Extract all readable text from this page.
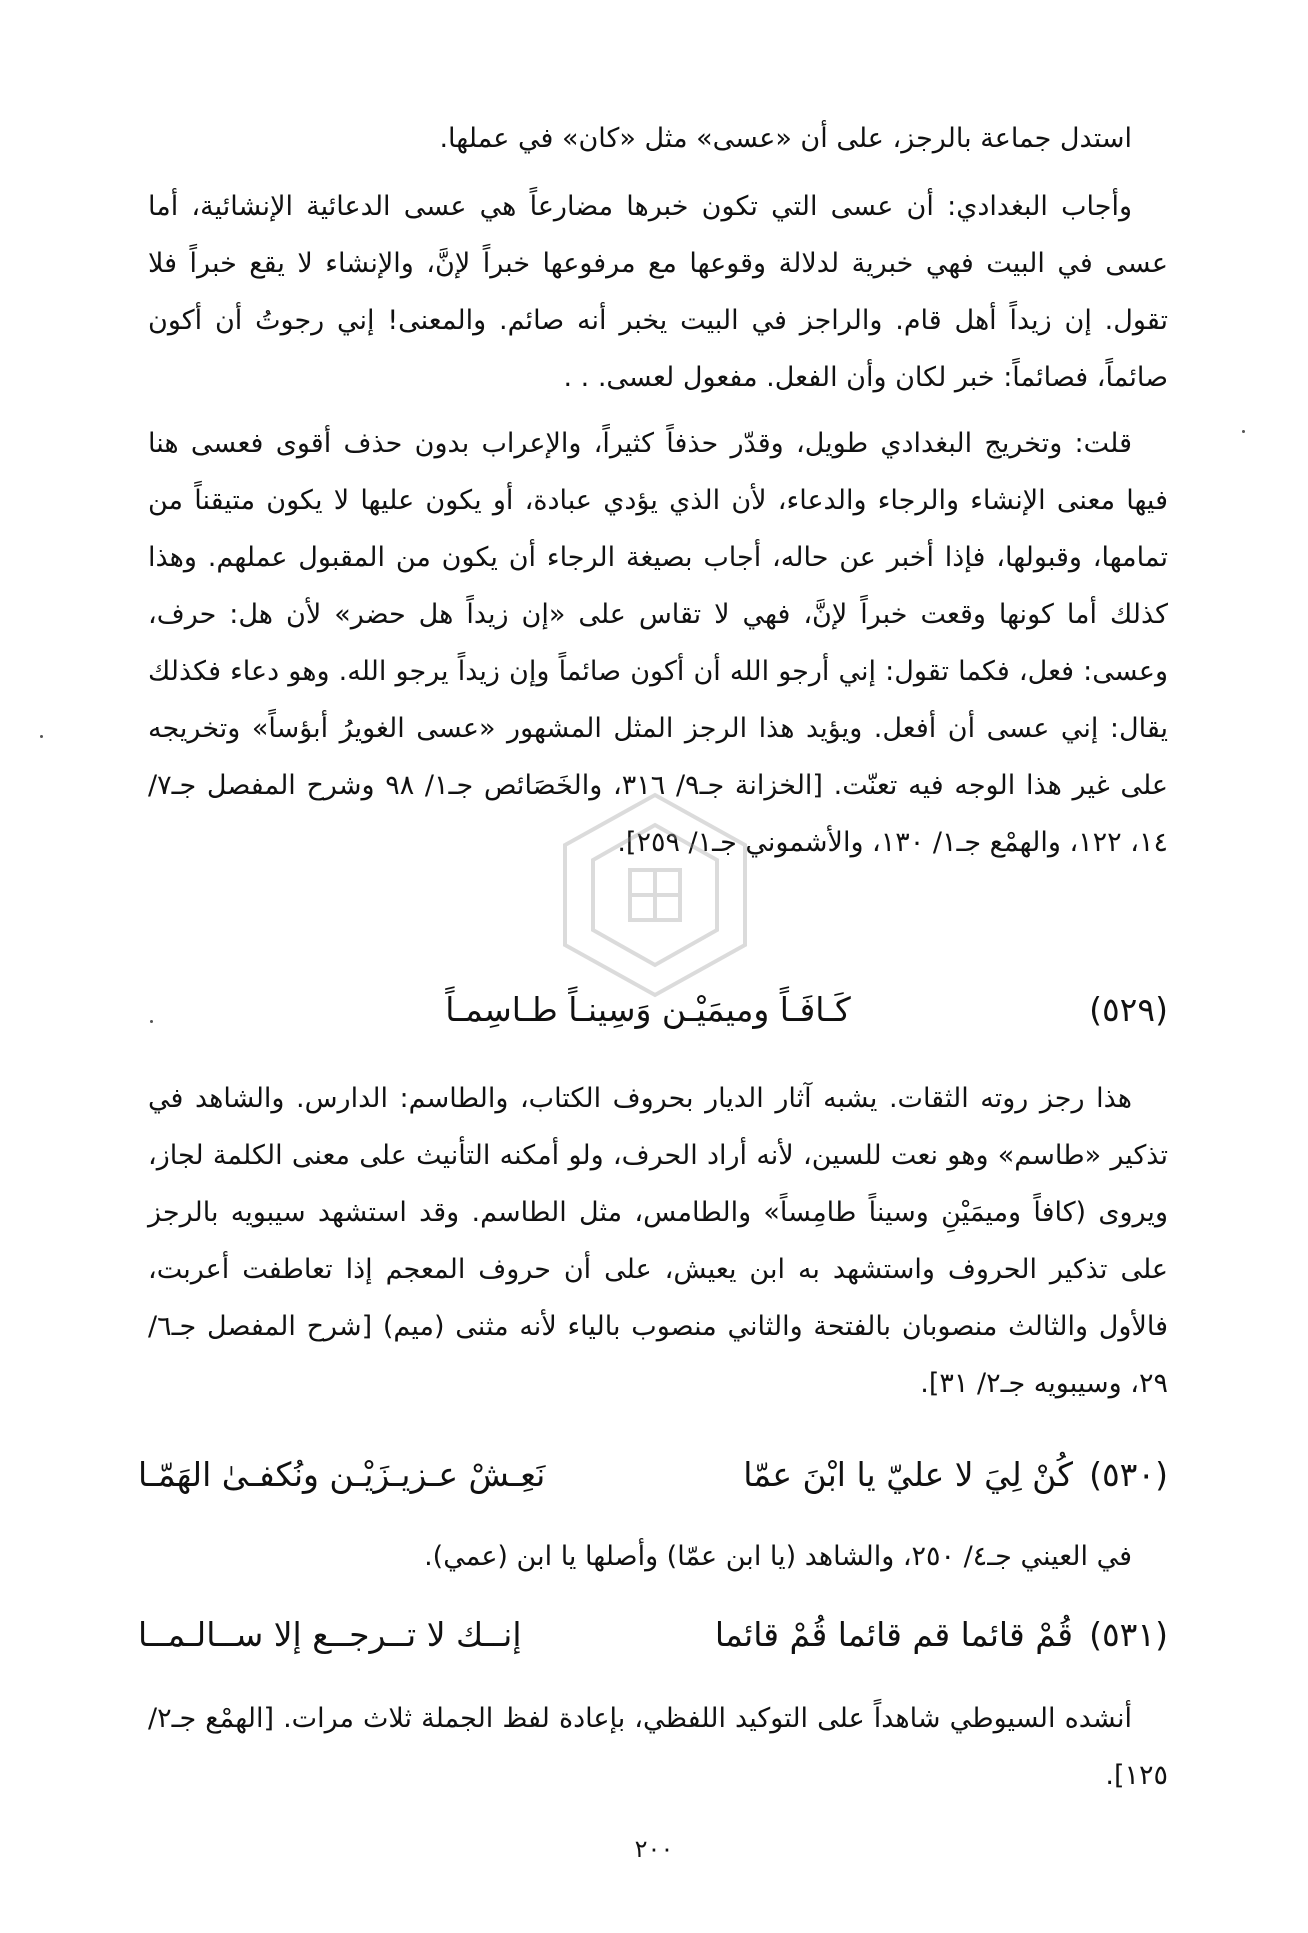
استدل جماعة بالرجز، على أن «عسى» مثل «كان» في عملها.

وأجاب البغدادي: أن عسى التي تكون خبرها مضارعاً هي عسى الدعائية الإنشائية، أما عسى في البيت فهي خبرية لدلالة وقوعها مع مرفوعها خبراً لإنَّ، والإنشاء لا يقع خبراً فلا تقول. إن زيداً أهل قام. والراجز في البيت يخبر أنه صائم. والمعنى! إني رجوتُ أن أكون صائماً، فصائماً: خبر لكان وأن الفعل. مفعول لعسى. . .

قلت: وتخريج البغدادي طويل، وقدّر حذفاً كثيراً، والإعراب بدون حذف أقوى فعسى هنا فيها معنى الإنشاء والرجاء والدعاء، لأن الذي يؤدي عبادة، أو يكون عليها لا يكون متيقناً من تمامها، وقبولها، فإذا أخبر عن حاله، أجاب بصيغة الرجاء أن يكون من المقبول عملهم. وهذا كذلك أما كونها وقعت خبراً لإنَّ، فهي لا تقاس على «إن زيداً هل حضر» لأن هل: حرف، وعسى: فعل، فكما تقول: إني أرجو الله أن أكون صائماً وإن زيداً يرجو الله. وهو دعاء فكذلك يقال: إني عسى أن أفعل. ويؤيد هذا الرجز المثل المشهور «عسى الغويرُ أبؤساً» وتخريجه على غير هذا الوجه فيه تعنّت. [الخزانة جـ٩/ ٣١٦، والخَصَائص جـ١/ ٩٨ وشرح المفصل جـ٧/ ١٤، ١٢٢، والهمْع جـ١/ ١٣٠، والأشموني جـ١/ ٢٥٩].

(٥٢٩)
كَـافَـاً وميمَيْـن وَسِينـاً طـاسِمـاً

هذا رجز روته الثقات. يشبه آثار الديار بحروف الكتاب، والطاسم: الدارس. والشاهد في تذكير «طاسم» وهو نعت للسين، لأنه أراد الحرف، ولو أمكنه التأنيث على معنى الكلمة لجاز، ويروى (كافاً وميمَيْنِ وسيناً طامِساً» والطامس، مثل الطاسم. وقد استشهد سيبويه بالرجز على تذكير الحروف واستشهد به ابن يعيش، على أن حروف المعجم إذا تعاطفت أعربت، فالأول والثالث منصوبان بالفتحة والثاني منصوب بالياء لأنه مثنى (ميم) [شرح المفصل جـ٦/ ٢٩، وسيبويه جـ٢/ ٣١].

(٥٣٠)
كُنْ لِيَ لا عليّ يا ابْنَ عمّا
نَعِـشْ عـزيـزَيْـن ونُكفـىٰ الهَمّـا

في العيني جـ٤/ ٢٥٠، والشاهد (يا ابن عمّا) وأصلها يا ابن (عمي).

(٥٣١)
قُمْ قائما قم قائما قُمْ قائما
إنــك لا تــرجــع إلا ســالـمــا

أنشده السيوطي شاهداً على التوكيد اللفظي، بإعادة لفظ الجملة ثلاث مرات. [الهمْع جـ٢/ ١٢٥].

٢٠٠
